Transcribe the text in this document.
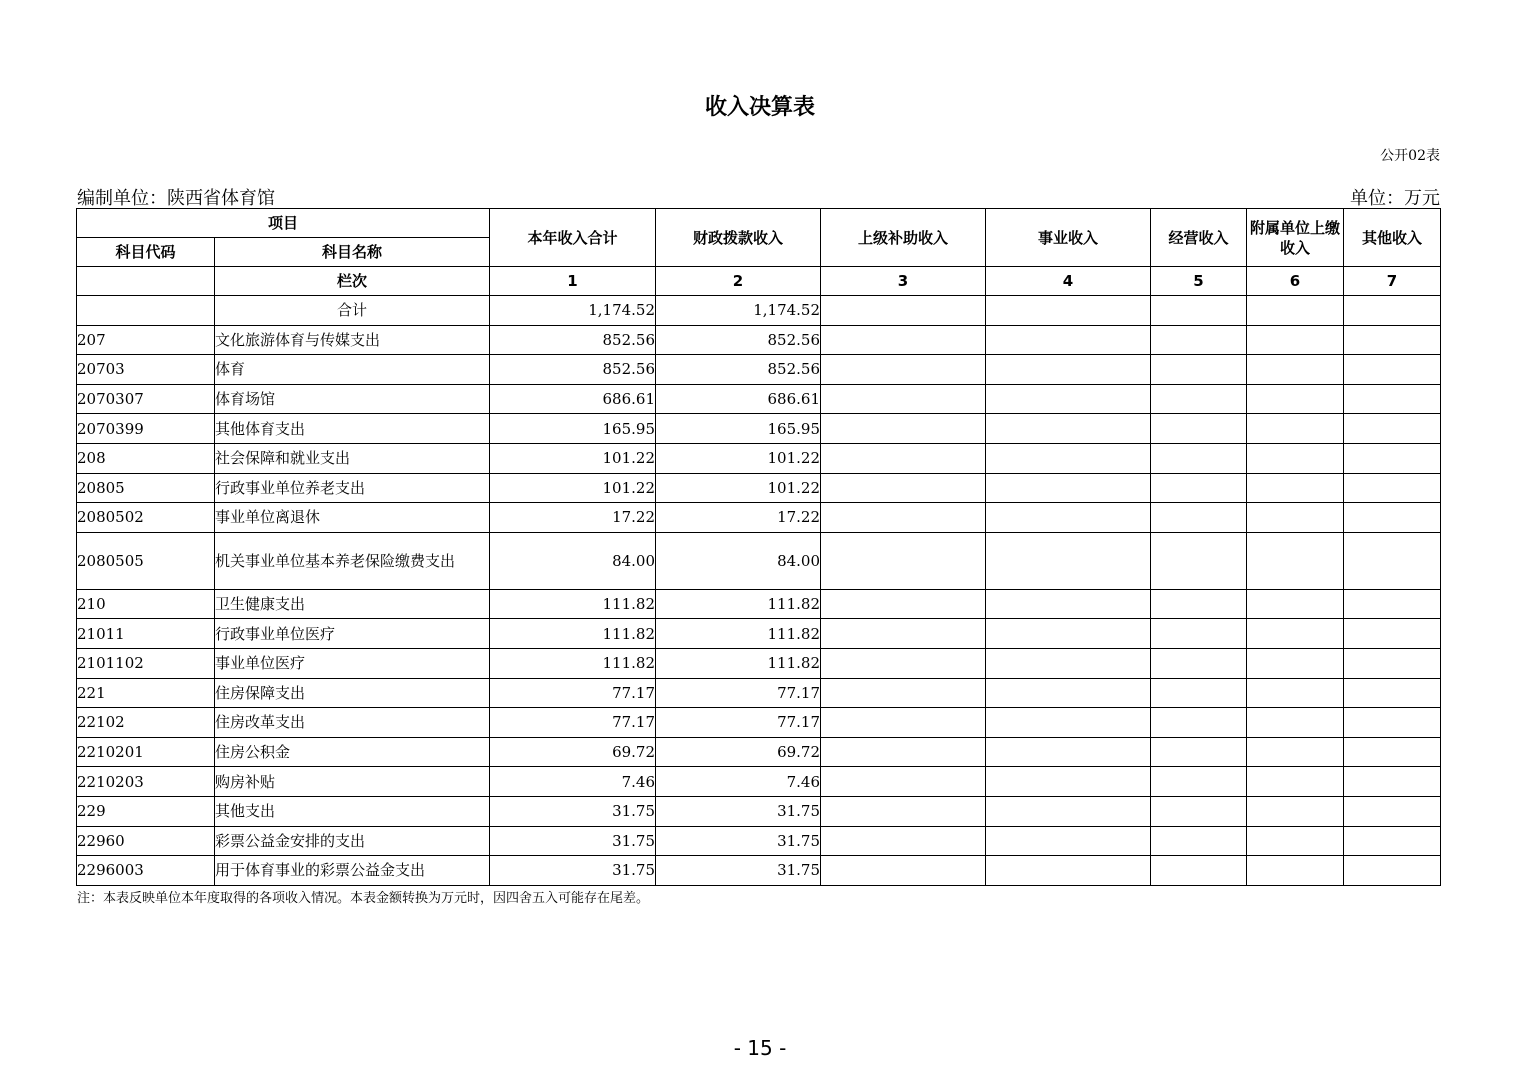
收入决算表
公开02表
编制单位：陕西省体育馆	单位：万元
项目		本年收入合计	财政拨款收入	上级补助收入	事业收入	经营收入	附属单位上缴收入	其他收入
科目代码	科目名称							
	栏次	1	2	3	4	5	6	7
	合计	1,174.52	1,174.52					
207	文化旅游体育与传媒支出	852.56	852.56					
20703	体育	852.56	852.56					
2070307	体育场馆	686.61	686.61					
2070399	其他体育支出	165.95	165.95					
208	社会保障和就业支出	101.22	101.22					
20805	行政事业单位养老支出	101.22	101.22					
2080502	事业单位离退休	17.22	17.22					
2080505	机关事业单位基本养老保险缴费支出	84.00	84.00					
210	卫生健康支出	111.82	111.82					
21011	行政事业单位医疗	111.82	111.82					
2101102	事业单位医疗	111.82	111.82					
221	住房保障支出	77.17	77.17					
22102	住房改革支出	77.17	77.17					
2210201	住房公积金	69.72	69.72					
2210203	购房补贴	7.46	7.46					
229	其他支出	31.75	31.75					
22960	彩票公益金安排的支出	31.75	31.75					
2296003	用于体育事业的彩票公益金支出	31.75	31.75					
注：本表反映单位本年度取得的各项收入情况。本表金额转换为万元时，因四舍五入可能存在尾差。
- 15 -
